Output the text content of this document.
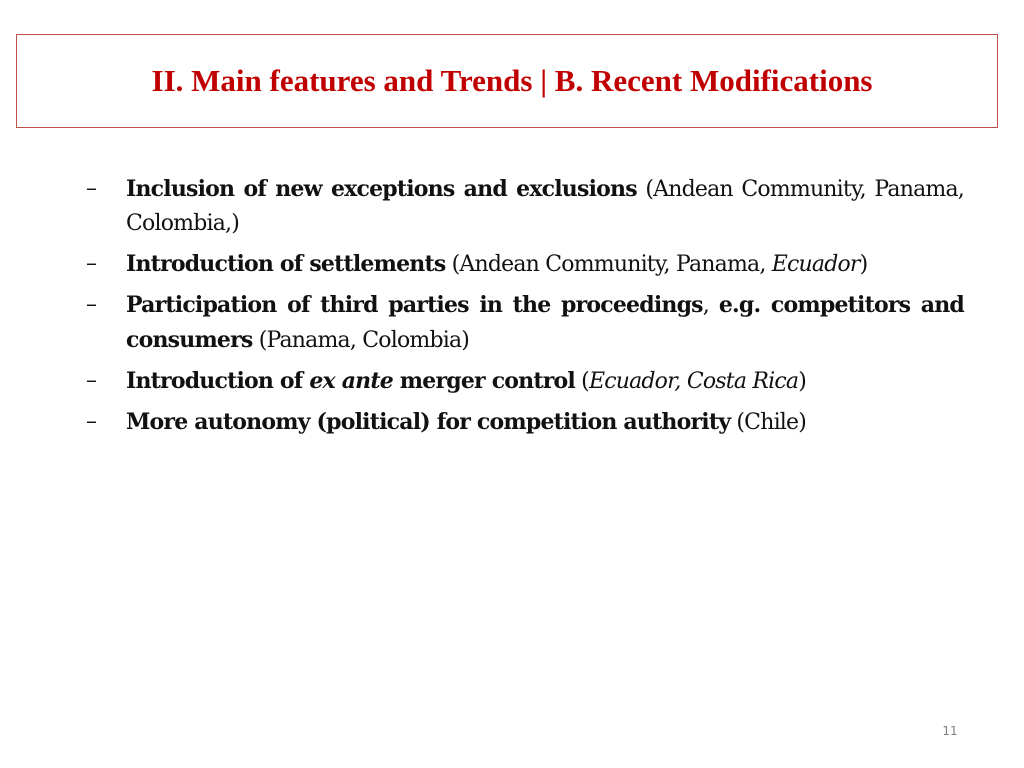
II. Main features and Trends | B. Recent Modifications
–	Inclusion of new exceptions and exclusions (Andean Community, Panama, Colombia,)
–	Introduction of settlements (Andean Community, Panama, Ecuador)
–	Participation of third parties in the proceedings, e.g. competitors and consumers (Panama, Colombia)
–	Introduction of ex ante merger control (Ecuador, Costa Rica)
–	More autonomy (political) for competition authority (Chile)
11
